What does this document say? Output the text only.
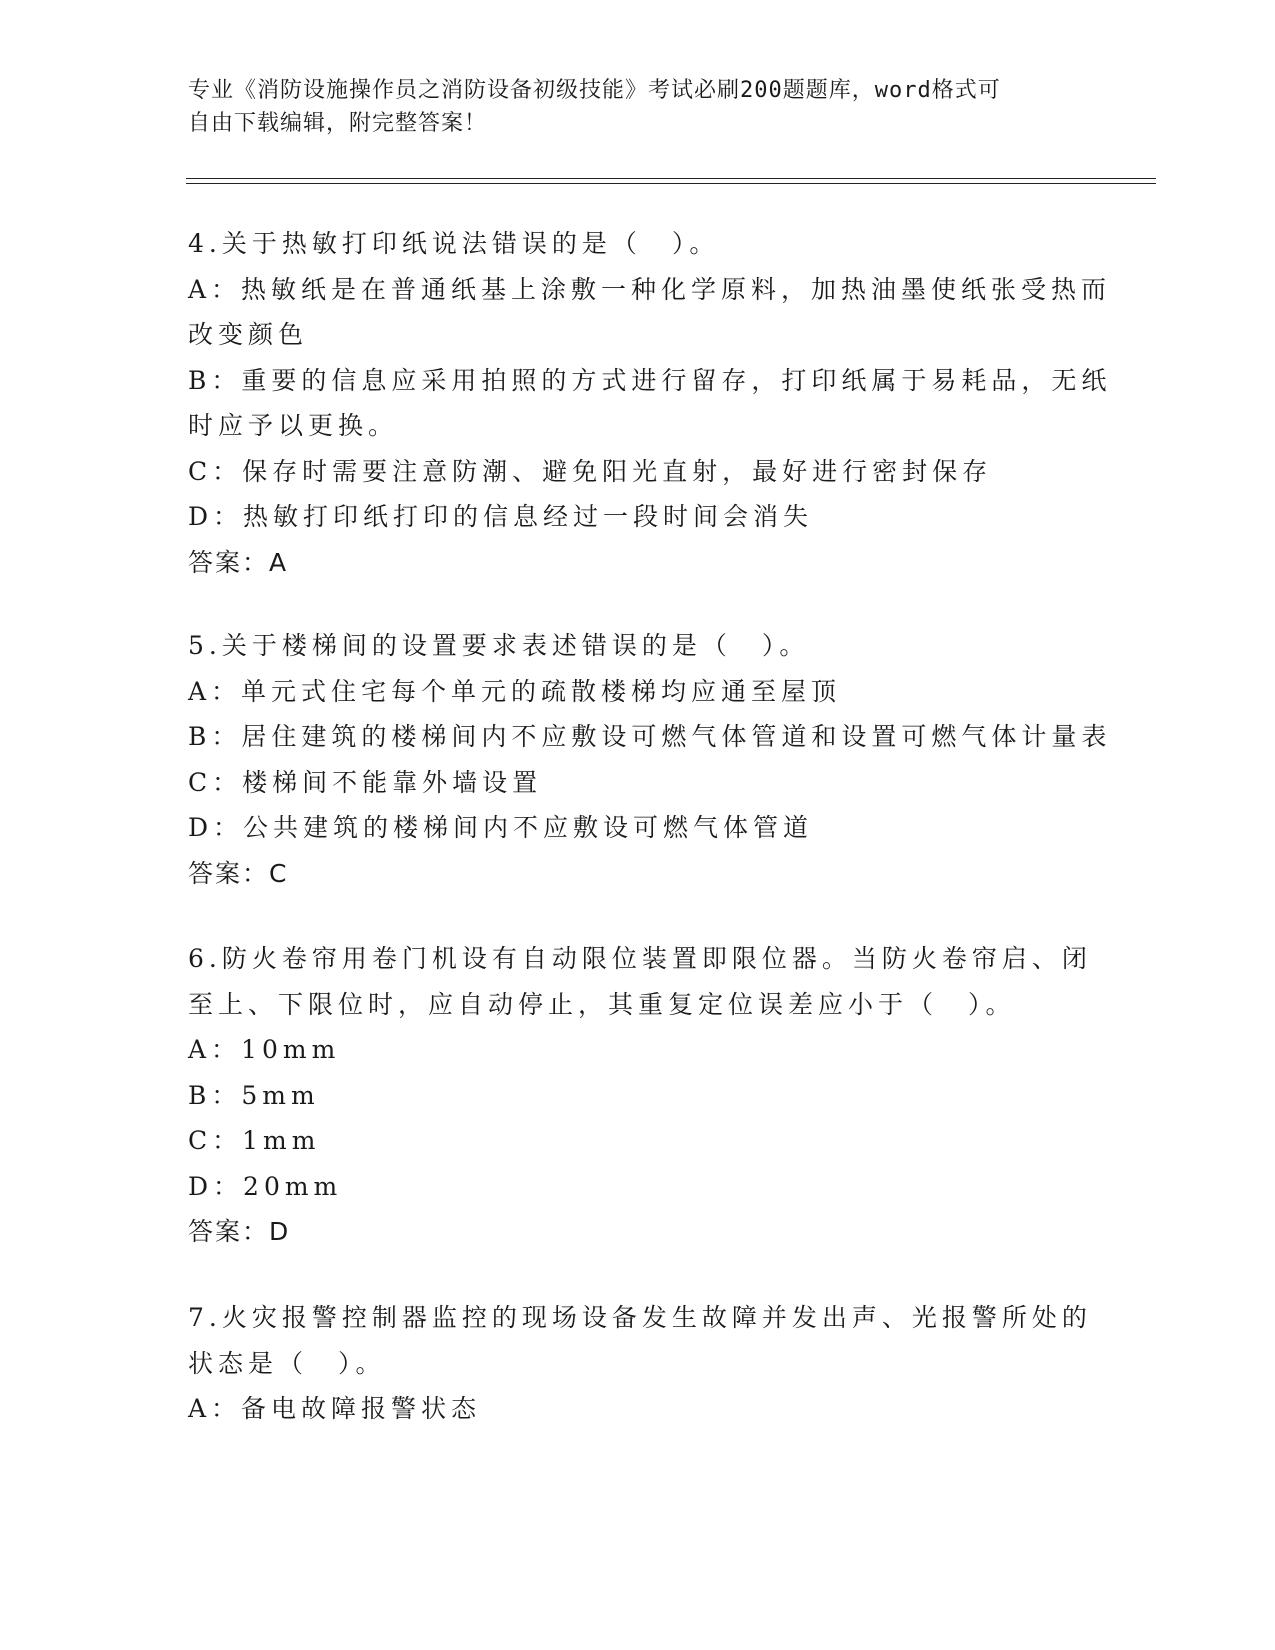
专业《消防设施操作员之消防设备初级技能》考试必刷200题题库，word格式可
自由下载编辑，附完整答案！
4.关于热敏打印纸说法错误的是（　）。
A：热敏纸是在普通纸基上涂敷一种化学原料，加热油墨使纸张受热而
改变颜色
B：重要的信息应采用拍照的方式进行留存，打印纸属于易耗品，无纸
时应予以更换。
C：保存时需要注意防潮、避免阳光直射，最好进行密封保存
D：热敏打印纸打印的信息经过一段时间会消失
答案：A
5.关于楼梯间的设置要求表述错误的是（　）。
A：单元式住宅每个单元的疏散楼梯均应通至屋顶
B：居住建筑的楼梯间内不应敷设可燃气体管道和设置可燃气体计量表
C：楼梯间不能靠外墙设置
D：公共建筑的楼梯间内不应敷设可燃气体管道
答案：C
6.防火卷帘用卷门机设有自动限位装置即限位器。当防火卷帘启、闭
至上、下限位时，应自动停止，其重复定位误差应小于（　）。
A：10mm
B：5mm
C：1mm
D：20mm
答案：D
7.火灾报警控制器监控的现场设备发生故障并发出声、光报警所处的
状态是（　）。
A：备电故障报警状态
